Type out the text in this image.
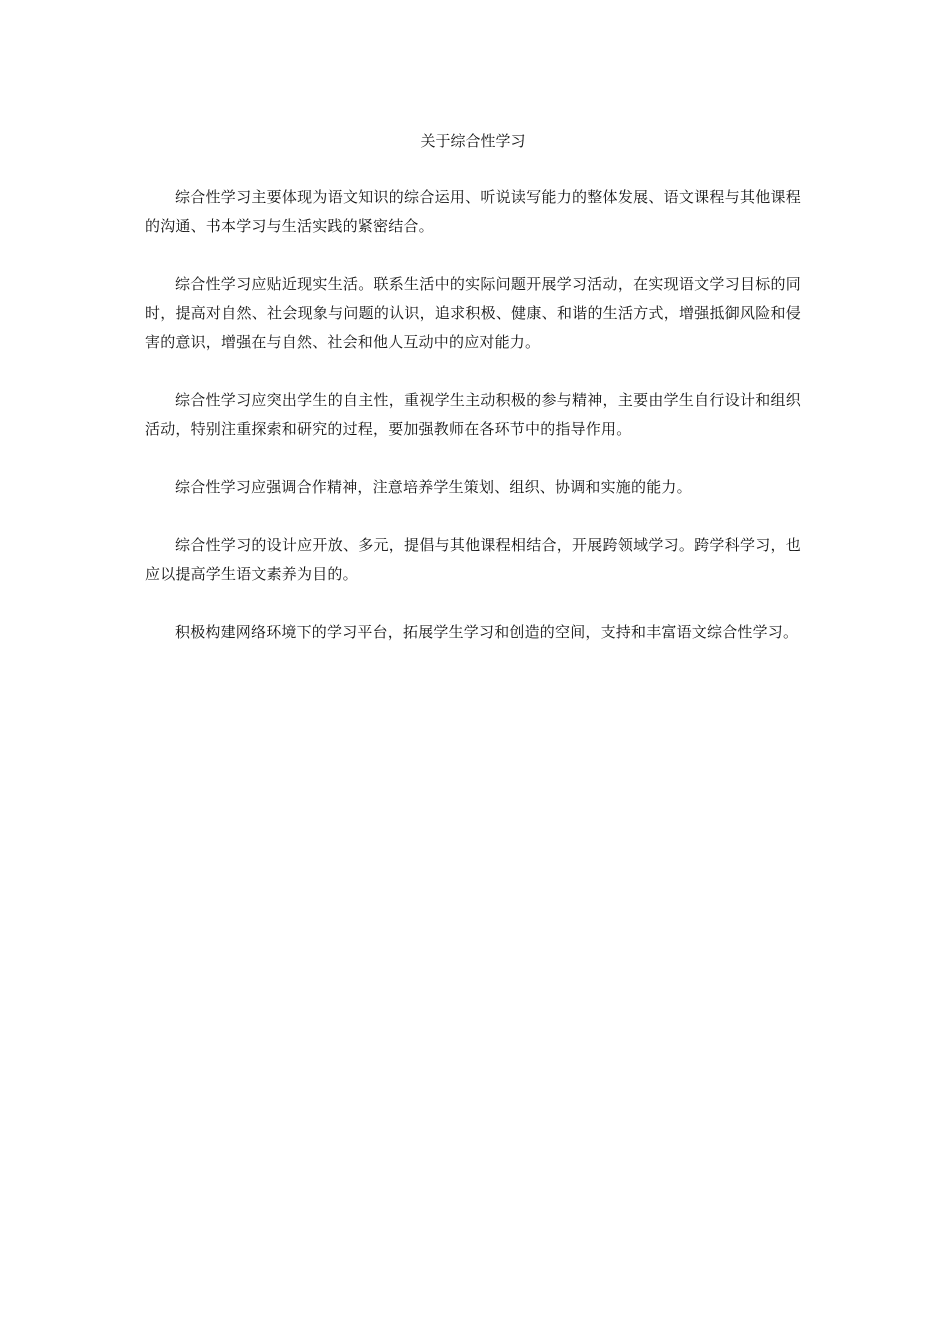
关于综合性学习

综合性学习主要体现为语文知识的综合运用、听说读写能力的整体发展、语文课程与其他课程的沟通、书本学习与生活实践的紧密结合。

综合性学习应贴近现实生活。联系生活中的实际问题开展学习活动，在实现语文学习目标的同时，提高对自然、社会现象与问题的认识，追求积极、健康、和谐的生活方式，增强抵御风险和侵害的意识，增强在与自然、社会和他人互动中的应对能力。

综合性学习应突出学生的自主性，重视学生主动积极的参与精神，主要由学生自行设计和组织活动，特别注重探索和研究的过程，要加强教师在各环节中的指导作用。

综合性学习应强调合作精神，注意培养学生策划、组织、协调和实施的能力。

综合性学习的设计应开放、多元，提倡与其他课程相结合，开展跨领域学习。跨学科学习，也应以提高学生语文素养为目的。

积极构建网络环境下的学习平台，拓展学生学习和创造的空间，支持和丰富语文综合性学习。
